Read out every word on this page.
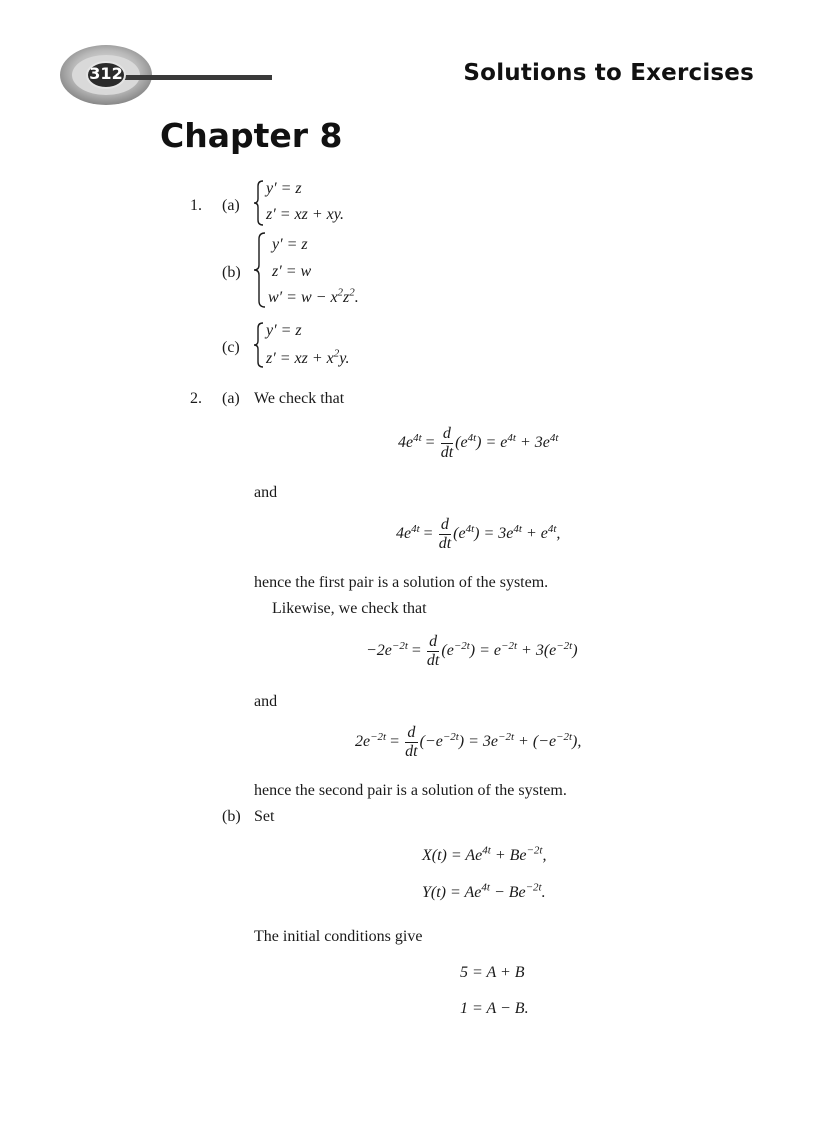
312	Solutions to Exercises
Chapter 8
1. (a)
y′ = z
z′ = xz + xy.
(b)
y′ = z
z′ = w
$w' = w - x^2z^2$.
(c)
y′ = z
z′ = xz + $x^2y$.
2. (a) We check that
$4e^{4t} = \frac{d}{dt} (e^{4t}) = e^{4t} + 3e^{4t}$
and
$4e^{4t} = \frac{d}{dt} (e^{4t}) = 3e^{4t} + e^{4t}$,
hence the first pair is a solution of the system.
Likewise, we check that
$-2e^{-2t} = \frac{d}{dt} (e^{-2t}) = e^{-2t} + 3(e^{-2t})$
and
$2e^{-2t} = \frac{d}{dt} (-e^{-2t}) = 3e^{-2t} + (-e^{-2t})$,
hence the second pair is a solution of the system.
(b) Set
$X(t) = Ae^{4t} + Be^{-2t}$,
$Y(t) = Ae^{4t} - Be^{-2t}$.
The initial conditions give
5 = A + B
1 = A − B.
